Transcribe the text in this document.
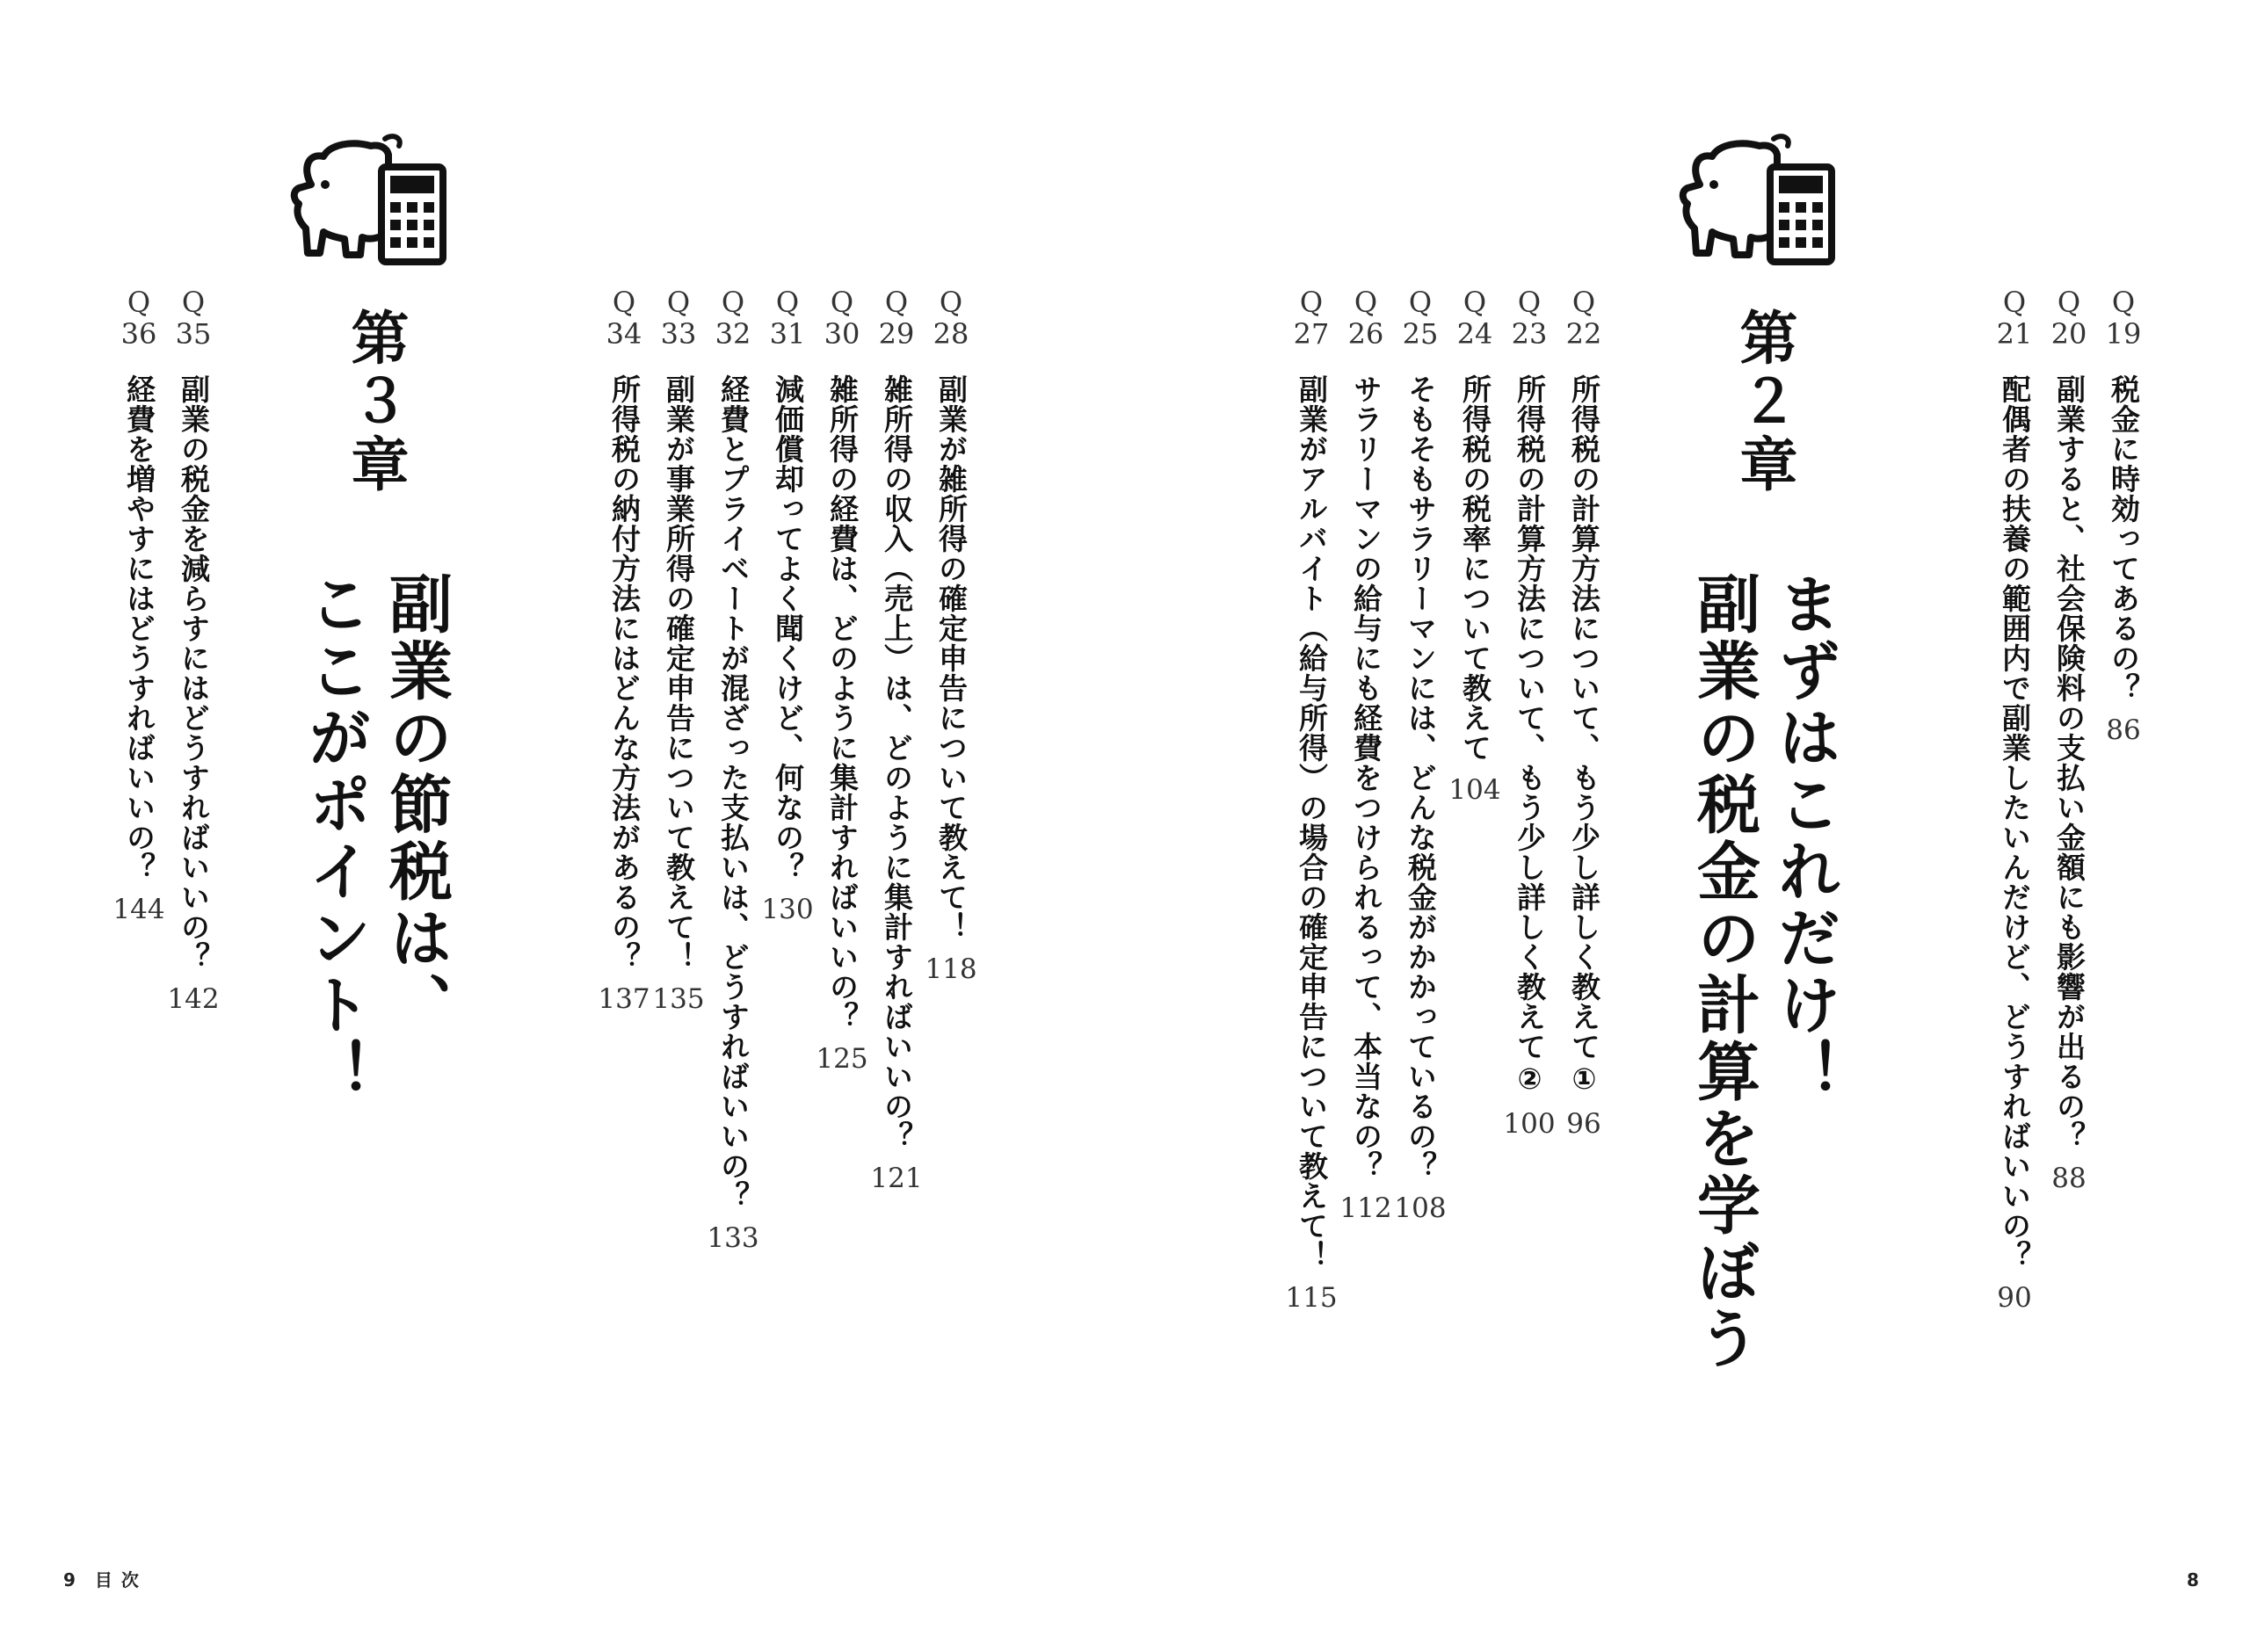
Q
28
副業が雑所得の確定申告について教えて！
118
Q
29
雑所得の収入（売上）は、どのように集計すればいいの？
121
Q
30
雑所得の経費は、どのように集計すればいいの？
125
Q
31
減価償却ってよく聞くけど、何なの？
130
Q
32
経費とプライベートが混ざった支払いは、どうすればいいの？
133
Q
33
副業が事業所得の確定申告について教えて！
135
Q
34
所得税の納付方法にはどんな方法があるの？
137
第３章
副業の節税は、
ここがポイント！
Q
35
副業の税金を減らすにはどうすればいいの？
142
Q
36
経費を増やすにはどうすればいいの？
144
9 目次
Q
19
税金に時効ってあるの？
86
Q
20
副業すると、社会保険料の支払い金額にも影響が出るの？
88
Q
21
配偶者の扶養の範囲内で副業したいんだけど、どうすればいいの？
90
第２章
まずはこれだけ！
副業の税金の計算を学ぼう
Q
22
所得税の計算方法について、もう少し詳しく教えて①
96
Q
23
所得税の計算方法について、もう少し詳しく教えて②
100
Q
24
所得税の税率について教えて
104
Q
25
そもそもサラリーマンには、どんな税金がかかっているの？
108
Q
26
サラリーマンの給与にも経費をつけられるって、本当なの？
112
Q
27
副業がアルバイト（給与所得）の場合の確定申告について教えて！
115
8
